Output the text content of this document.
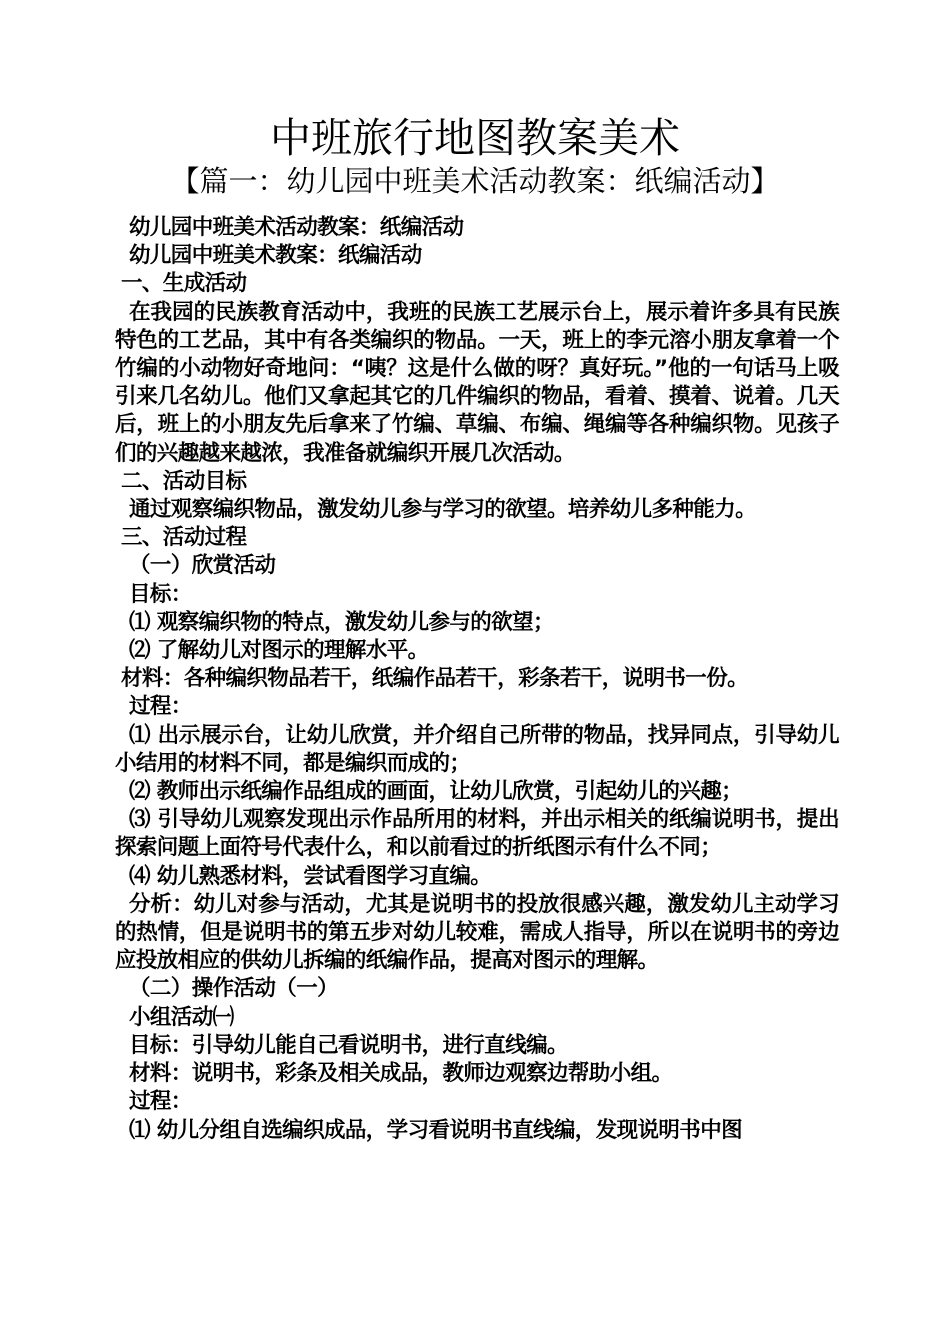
中班旅行地图教案美术
【篇一：幼儿园中班美术活动教案：纸编活动】

幼儿园中班美术活动教案：纸编活动

幼儿园中班美术教案：纸编活动

一、生成活动

在我园的民族教育活动中，我班的民族工艺展示台上，展示着许多具有民族特色的工艺品，其中有各类编织的物品。一天，班上的李元溶小朋友拿着一个竹编的小动物好奇地问：“咦？这是什么做的呀？真好玩。”他的一句话马上吸引来几名幼儿。他们又拿起其它的几件编织的物品，看着、摸着、说着。几天后，班上的小朋友先后拿来了竹编、草编、布编、绳编等各种编织物。见孩子们的兴趣越来越浓，我准备就编织开展几次活动。

二、活动目标

通过观察编织物品，激发幼儿参与学习的欲望。培养幼儿多种能力。

三、活动过程

（一）欣赏活动

目标：

⑴ 观察编织物的特点，激发幼儿参与的欲望；

⑵ 了解幼儿对图示的理解水平。

材料：各种编织物品若干，纸编作品若干，彩条若干，说明书一份。

过程：

⑴ 出示展示台，让幼儿欣赏，并介绍自己所带的物品，找异同点，引导幼儿小结用的材料不同，都是编织而成的；

⑵ 教师出示纸编作品组成的画面，让幼儿欣赏，引起幼儿的兴趣；

⑶ 引导幼儿观察发现出示作品所用的材料，并出示相关的纸编说明书，提出探索问题上面符号代表什么，和以前看过的折纸图示有什么不同；

⑷ 幼儿熟悉材料，尝试看图学习直编。

分析：幼儿对参与活动，尤其是说明书的投放很感兴趣，激发幼儿主动学习的热情，但是说明书的第五步对幼儿较难，需成人指导，所以在说明书的旁边应投放相应的供幼儿拆编的纸编作品，提高对图示的理解。

（二）操作活动（一）

小组活动㈠

目标：引导幼儿能自己看说明书，进行直线编。

材料：说明书，彩条及相关成品，教师边观察边帮助小组。

过程：

⑴ 幼儿分组自选编织成品，学习看说明书直线编，发现说明书中图
